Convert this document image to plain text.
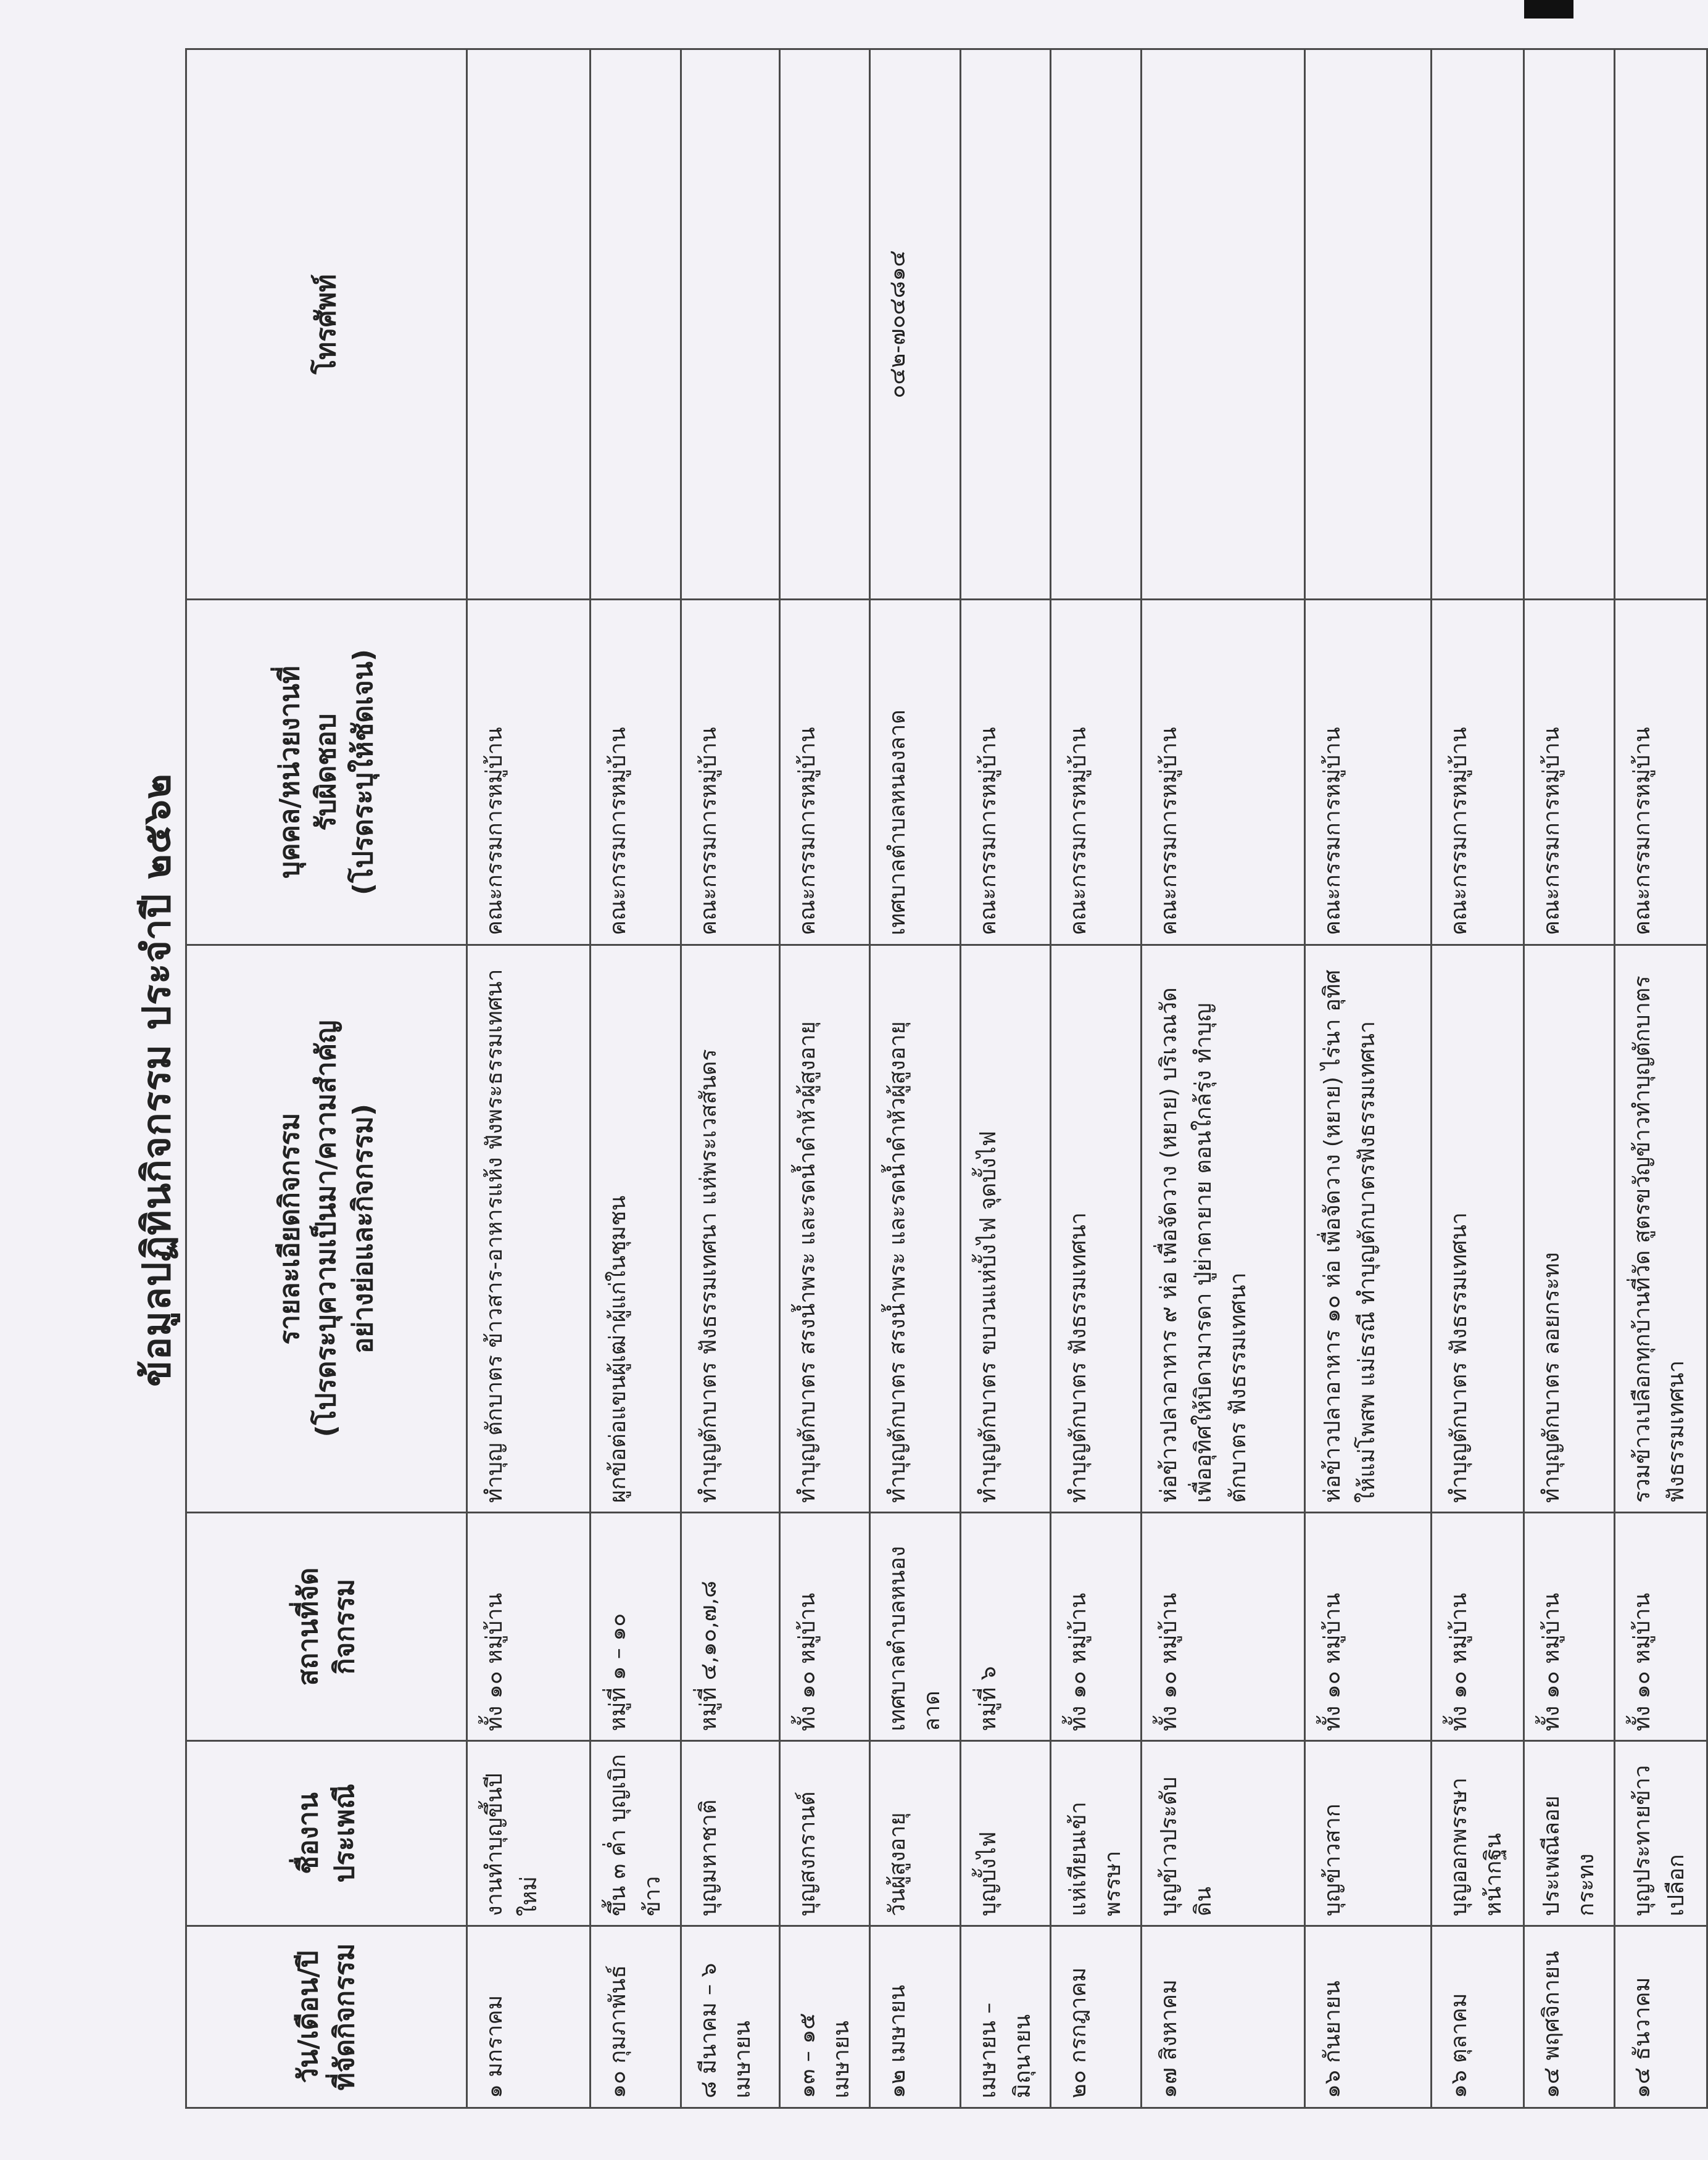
ข้อมูลปฏิทินกิจกรรม ประจำปี ๒๕๖๒
วัน/เดือน/ปี ที่จัดกิจกรรม	ชื่องานประเพณี	สถานที่จัดกิจกรรม	รายละเอียดกิจกรรม (โปรดระบุความเป็นมา/ความสำคัญ อย่างย่อและกิจกรรม)	บุคคล/หน่วยงานที่ รับผิดชอบ (โปรดระบุให้ชัดเจน)	โทรศัพท์

๑ มกราคม	งานทำบุญขึ้นปีใหม่	ทั้ง ๑๐ หมู่บ้าน	ทำบุญ ตักบาตร ข้าวสาร-อาหารแห้ง ฟังพระธรรมเทศนา	คณะกรรมการหมู่บ้าน	
๑๐ กุมภาพันธ์	ขึ้น ๓ ค่ำ บุญเบิกข้าว	หมู่ที่ ๑ – ๑๐	ผูกข้อต่อแขนผู้เฒ่าผู้แก่ในชุมชน	คณะกรรมการหมู่บ้าน	
๘ มีนาคม – ๖ เมษายน	บุญมหาชาติ	หมู่ที่ ๔,๑๐,๗,๘	ทำบุญตักบาตร ฟังธรรมเทศนา แห่พระเวสสันดร	คณะกรรมการหมู่บ้าน	
๑๓ – ๑๕ เมษายน	บุญสงกรานต์	ทั้ง ๑๐ หมู่บ้าน	ทำบุญตักบาตร สรงน้ำพระ และรดน้ำดำหัวผู้สูงอายุ	คณะกรรมการหมู่บ้าน	
๑๒ เมษายน	วันผู้สูงอายุ	เทศบาลตำบลหนองลาด	ทำบุญตักบาตร สรงน้ำพระ และรดน้ำดำหัวผู้สูงอายุ	เทศบาลตำบลหนองลาด	๐๔๒-๗๐๔๘๑๔
เมษายน – มิถุนายน	บุญบั้งไฟ	หมู่ที่ ๖	ทำบุญตักบาตร ขบวนแห่บั้งไฟ จุดบั้งไฟ	คณะกรรมการหมู่บ้าน	
๒๐ กรกฎาคม	แห่เทียนเข้าพรรษา	ทั้ง ๑๐ หมู่บ้าน	ทำบุญตักบาตร ฟังธรรมเทศนา	คณะกรรมการหมู่บ้าน	
๑๗ สิงหาคม	บุญข้าวประดับดิน	ทั้ง ๑๐ หมู่บ้าน	ห่อข้าวปลาอาหาร ๙ ห่อ เพื่อจัดวาง (หยาย) บริเวณวัด เพื่ออุทิศให้บิดามารดา ปู่ย่าตายาย ตอนใกล้รุ่ง ทำบุญตักบาตร ฟังธรรมเทศนา	คณะกรรมการหมู่บ้าน	
๑๖ กันยายน	บุญข้าวสาก	ทั้ง ๑๐ หมู่บ้าน	ห่อข้าวปลาอาหาร ๑๐ ห่อ เพื่อจัดวาง (หยาย) ไร่นา อุทิศให้แม่โพสพ แม่ธรณี ทำบุญตักบาตรฟังธรรมเทศนา	คณะกรรมการหมู่บ้าน	
๑๖ ตุลาคม	บุญออกพรรษา หน้ากฐิน	ทั้ง ๑๐ หมู่บ้าน	ทำบุญตักบาตร ฟังธรรมเทศนา	คณะกรรมการหมู่บ้าน	
๑๔ พฤศจิกายน	ประเพณีลอยกระทง	ทั้ง ๑๐ หมู่บ้าน	ทำบุญตักบาตร ลอยกระทง	คณะกรรมการหมู่บ้าน	
๑๔ ธันวาคม	บุญประทายข้าวเปลือก	ทั้ง ๑๐ หมู่บ้าน	รวมข้าวเปลือกทุกบ้านที่วัด สูตรขวัญข้าวทำบุญตักบาตร ฟังธรรมเทศนา	คณะกรรมการหมู่บ้าน	
